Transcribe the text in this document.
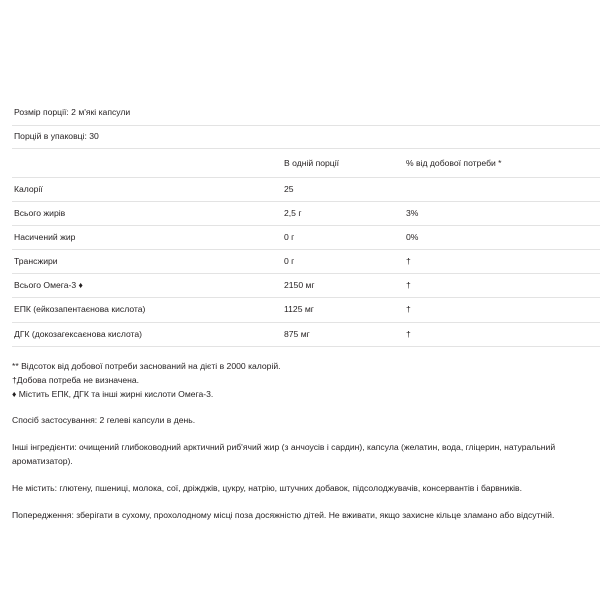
Розмір порції: 2 м'які капсули		
Порцій в упаковці: 30		
	В одній порції	% від добової потреби *
Калорії	25	
Всього жирів	2,5 г	3%
Насичений жир	0 г	0%
Трансжири	0 г	†
Всього Омега-3 ♦	2150 мг	†
ЕПК (ейкозапентаєнова кислота)	1125 мг	†
ДГК (докозагексаєнова кислота)	875 мг	†

** Відсоток від добової потреби заснований на дієті в 2000 калорій.

†Добова потреба не визначена.

♦ Містить ЕПК, ДГК та інші жирні кислоти Омега-3.

Спосіб застосування: 2 гелеві капсули в день.
Інші інгредієнти: очищений глибоководний арктичний риб'ячий жир (з анчоусів і сардин), капсула (желатин, вода, гліцерин, натуральний ароматизатор).
Не містить: глютену, пшениці, молока, сої, дріжджів, цукру, натрію, штучних добавок, підсолоджувачів, консервантів і барвників.
Попередження: зберігати в сухому, прохолодному місці поза досяжністю дітей. Не вживати, якщо захисне кільце зламано або відсутній.
